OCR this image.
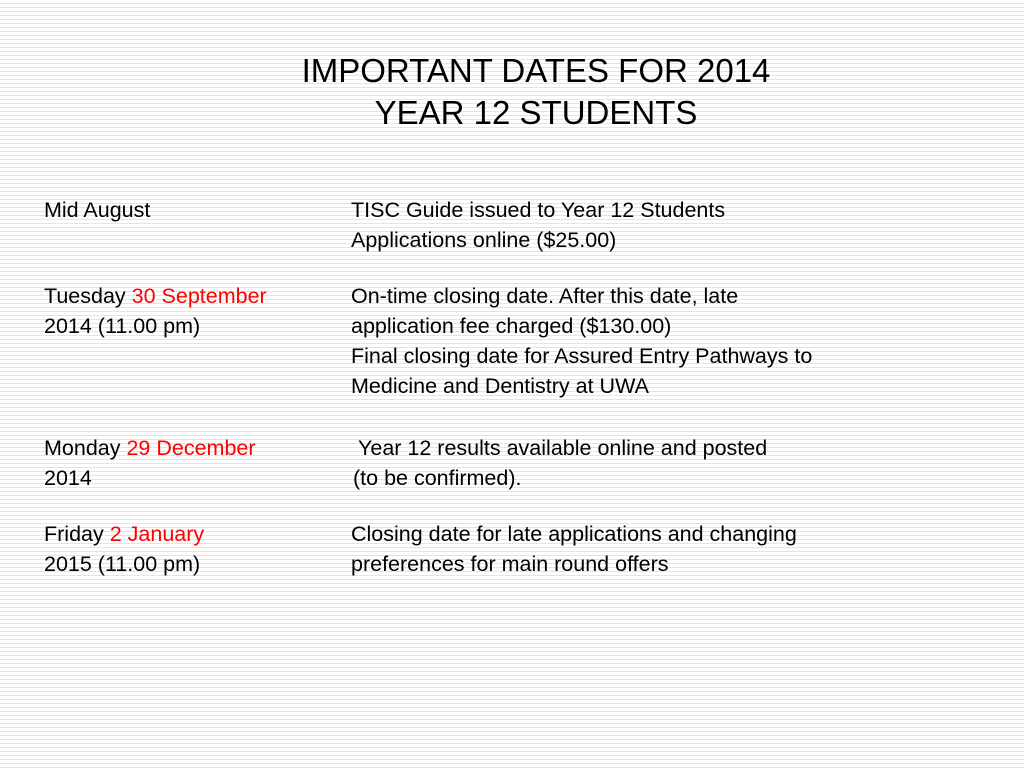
IMPORTANT DATES FOR 2014
YEAR 12 STUDENTS
Mid August	TISC Guide issued to Year 12 Students
Applications online ($25.00)
Tuesday 30 September
2014 (11.00 pm)
On-time closing date. After this date, late
application fee charged ($130.00)
Final closing date for Assured Entry Pathways to
Medicine and Dentistry at UWA
Monday 29 December
2014
Year 12 results available online and posted
(to be confirmed).
Friday 2 January
2015 (11.00 pm)
Closing date for late applications and changing
preferences for main round offers
